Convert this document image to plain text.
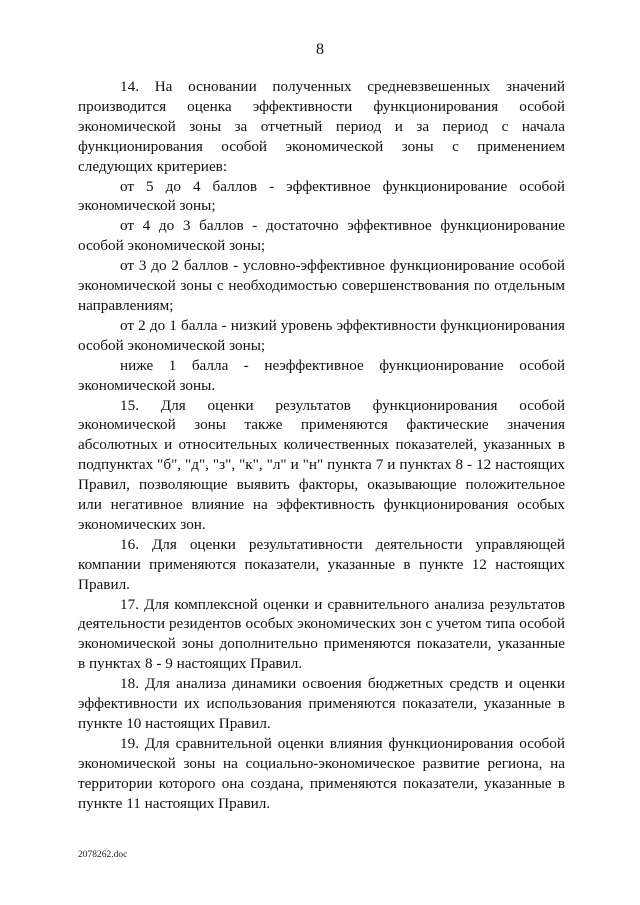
8

14. На основании полученных средневзвешенных значений производится оценка эффективности функционирования особой экономической зоны за отчетный период и за период с начала функционирования особой экономической зоны с применением следующих критериев:

от 5 до 4 баллов - эффективное функционирование особой экономической зоны;

от 4 до 3 баллов - достаточно эффективное функционирование особой экономической зоны;

от 3 до 2 баллов - условно-эффективное функционирование особой экономической зоны с необходимостью совершенствования по отдельным направлениям;

от 2 до 1 балла - низкий уровень эффективности функционирования особой экономической зоны;

ниже 1 балла - неэффективное функционирование особой экономической зоны.

15. Для оценки результатов функционирования особой экономической зоны также применяются фактические значения абсолютных и относительных количественных показателей, указанных в подпунктах "б", "д", "з", "к", "л" и "н" пункта 7 и пунктах 8 - 12 настоящих Правил, позволяющие выявить факторы, оказывающие положительное или негативное влияние на эффективность функционирования особых экономических зон.

16. Для оценки результативности деятельности управляющей компании применяются показатели, указанные в пункте 12 настоящих Правил.

17. Для комплексной оценки и сравнительного анализа результатов деятельности резидентов особых экономических зон с учетом типа особой экономической зоны дополнительно применяются показатели, указанные в пунктах 8 - 9 настоящих Правил.

18. Для анализа динамики освоения бюджетных средств и оценки эффективности их использования применяются показатели, указанные в пункте 10 настоящих Правил.

19. Для сравнительной оценки влияния функционирования особой экономической зоны на социально-экономическое развитие региона, на территории которого она создана, применяются показатели, указанные в пункте 11 настоящих Правил.

2078262.doc
